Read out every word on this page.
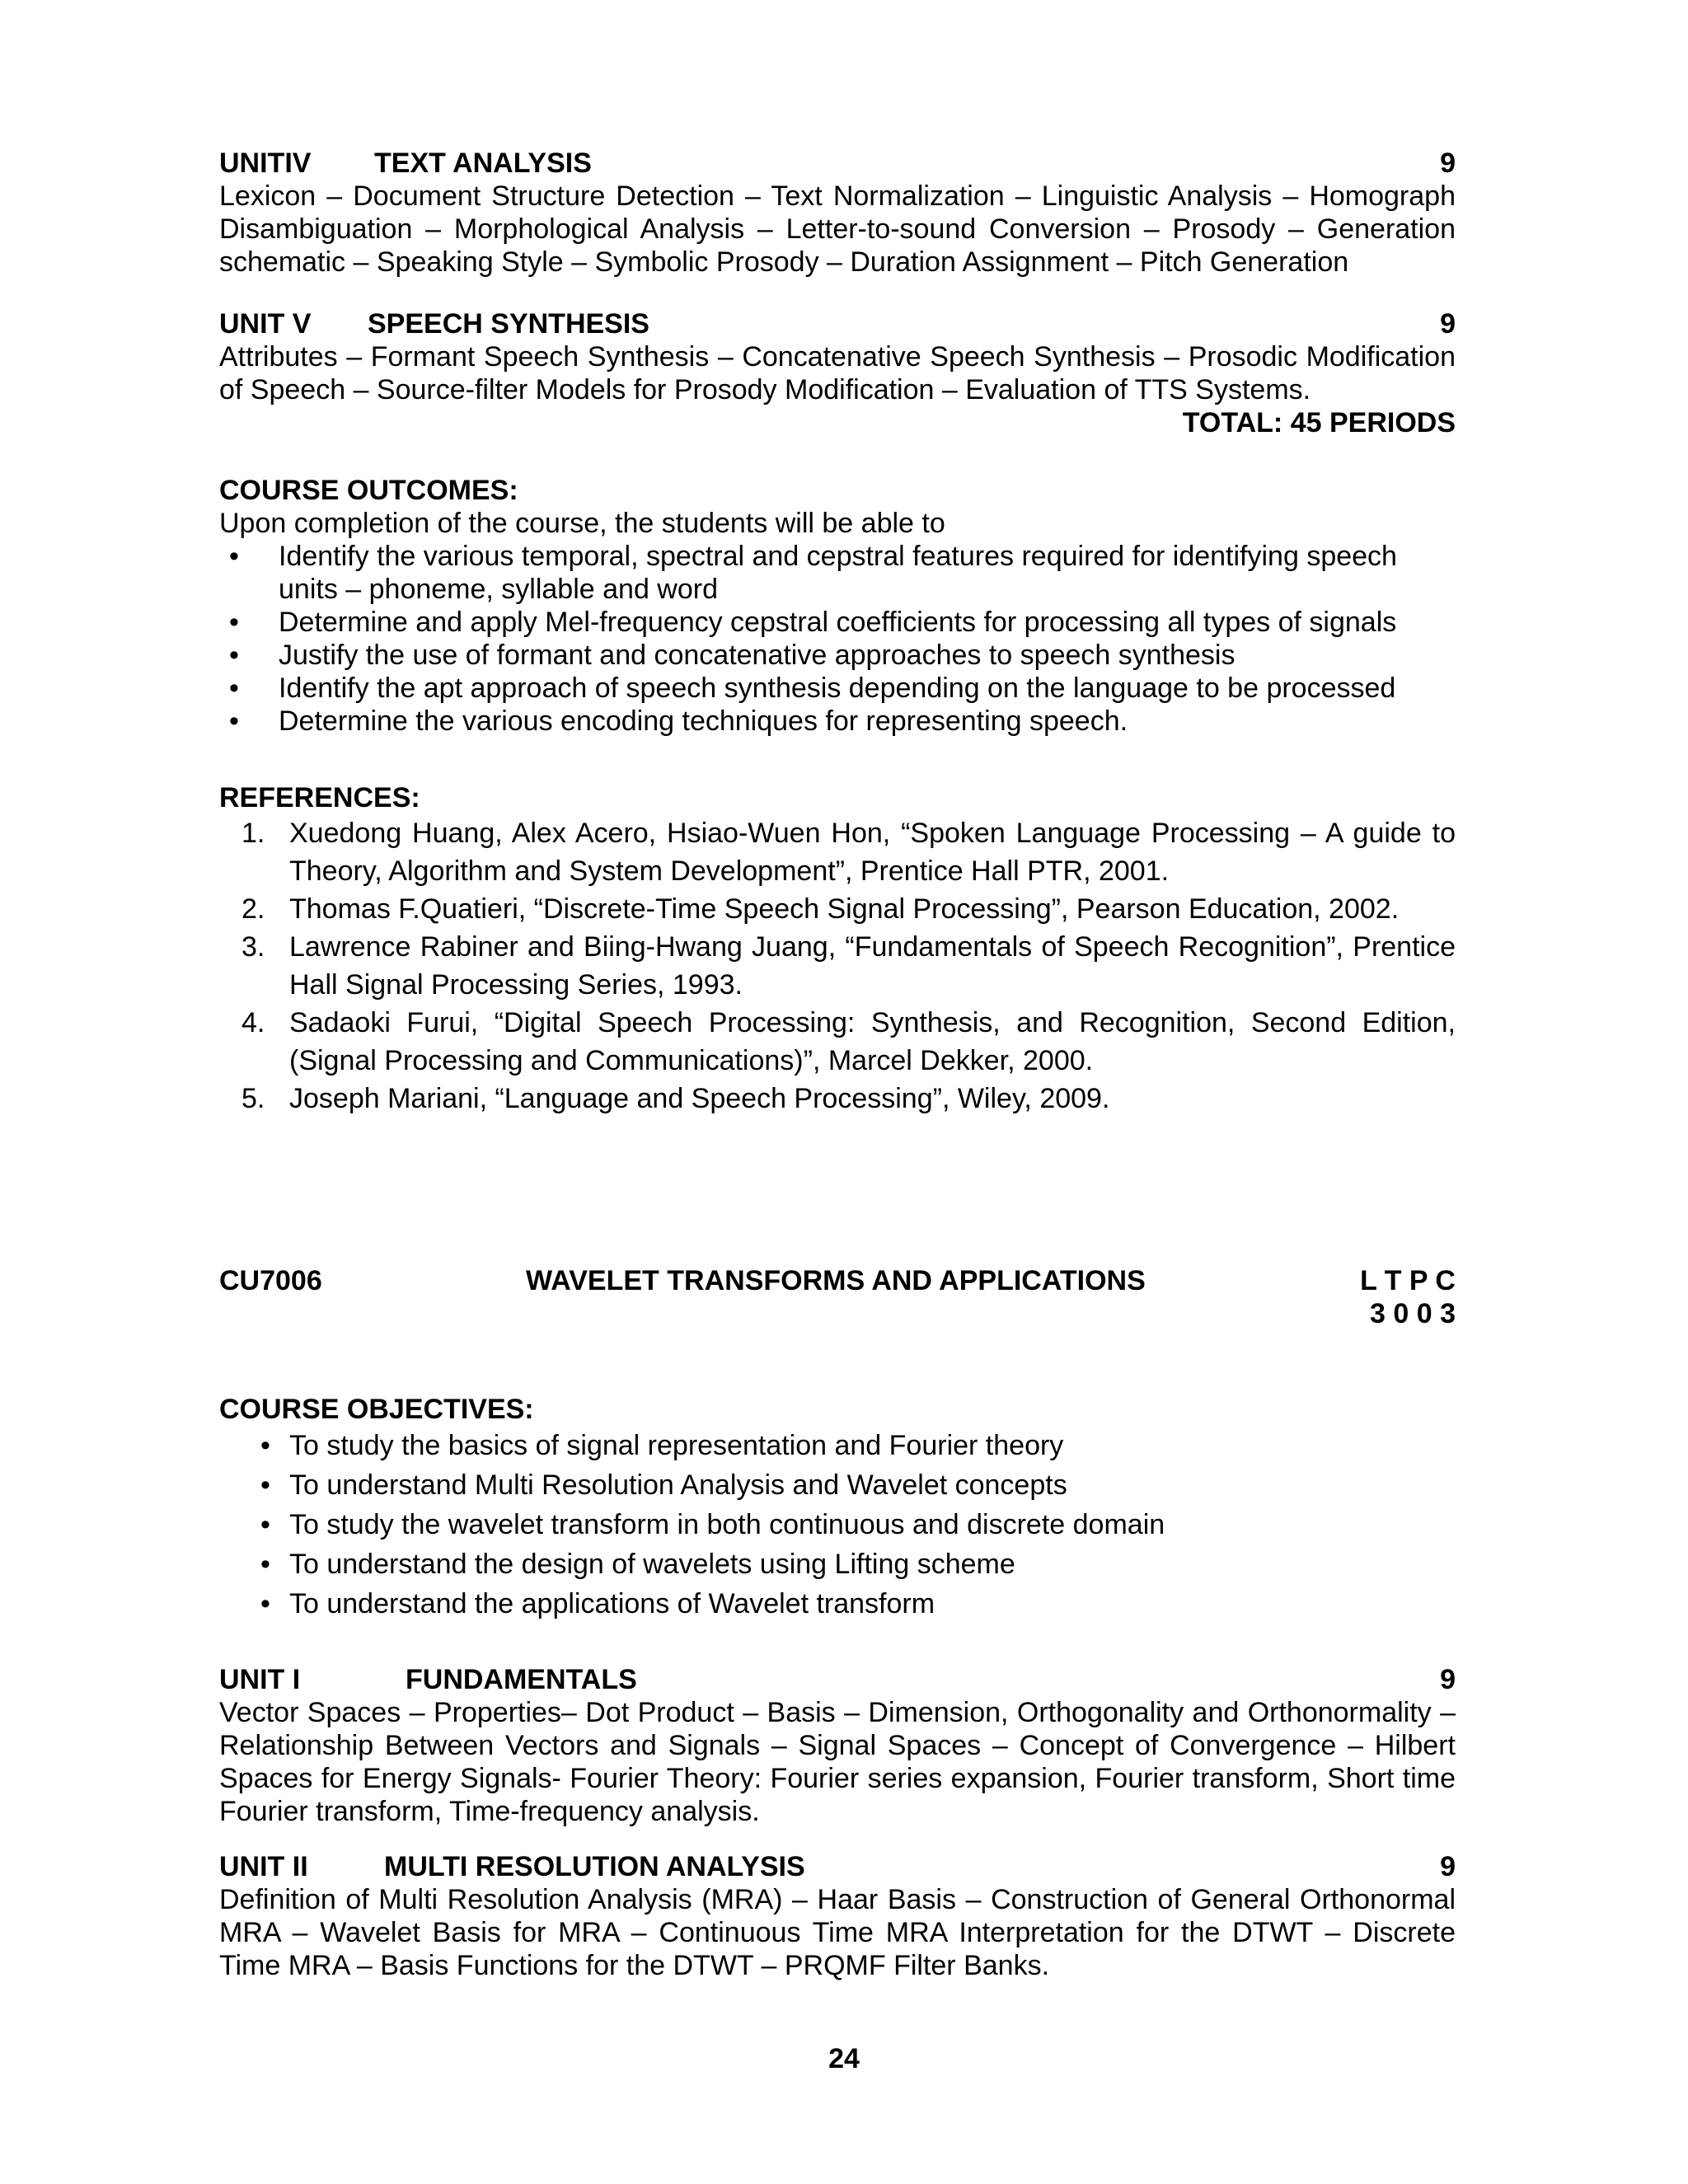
UNITIV TEXT ANALYSIS	9
Lexicon – Document Structure Detection – Text Normalization – Linguistic Analysis – Homograph Disambiguation – Morphological Analysis – Letter-to-sound Conversion – Prosody – Generation schematic – Speaking Style – Symbolic Prosody – Duration Assignment – Pitch Generation
UNIT V SPEECH SYNTHESIS	9
Attributes – Formant Speech Synthesis – Concatenative Speech Synthesis – Prosodic Modification of Speech – Source-filter Models for Prosody Modification – Evaluation of TTS Systems.
TOTAL: 45 PERIODS
COURSE OUTCOMES:
Upon completion of the course, the students will be able to
• Identify the various temporal, spectral and cepstral features required for identifying speech units – phoneme, syllable and word
• Determine and apply Mel-frequency cepstral coefficients for processing all types of signals
• Justify the use of formant and concatenative approaches to speech synthesis
• Identify the apt approach of speech synthesis depending on the language to be processed
• Determine the various encoding techniques for representing speech.
REFERENCES:
1. Xuedong Huang, Alex Acero, Hsiao-Wuen Hon, “Spoken Language Processing – A guide to Theory, Algorithm and System Development”, Prentice Hall PTR, 2001.
2. Thomas F.Quatieri, “Discrete-Time Speech Signal Processing”, Pearson Education, 2002.
3. Lawrence Rabiner and Biing-Hwang Juang, “Fundamentals of Speech Recognition”, Prentice Hall Signal Processing Series, 1993.
4. Sadaoki Furui, “Digital Speech Processing: Synthesis, and Recognition, Second Edition, (Signal Processing and Communications)”, Marcel Dekker, 2000.
5. Joseph Mariani, “Language and Speech Processing”, Wiley, 2009.
CU7006	WAVELET TRANSFORMS AND APPLICATIONS	L T P C
3 0 0 3
COURSE OBJECTIVES:
• To study the basics of signal representation and Fourier theory
• To understand Multi Resolution Analysis and Wavelet concepts
• To study the wavelet transform in both continuous and discrete domain
• To understand the design of wavelets using Lifting scheme
• To understand the applications of Wavelet transform
UNIT I	FUNDAMENTALS	9
Vector Spaces – Properties– Dot Product – Basis – Dimension, Orthogonality and Orthonormality – Relationship Between Vectors and Signals – Signal Spaces – Concept of Convergence – Hilbert Spaces for Energy Signals- Fourier Theory: Fourier series expansion, Fourier transform, Short time Fourier transform, Time-frequency analysis.
UNIT II	MULTI RESOLUTION ANALYSIS	9
Definition of Multi Resolution Analysis (MRA) – Haar Basis – Construction of General Orthonormal MRA – Wavelet Basis for MRA – Continuous Time MRA Interpretation for the DTWT – Discrete Time MRA – Basis Functions for the DTWT – PRQMF Filter Banks.
24
